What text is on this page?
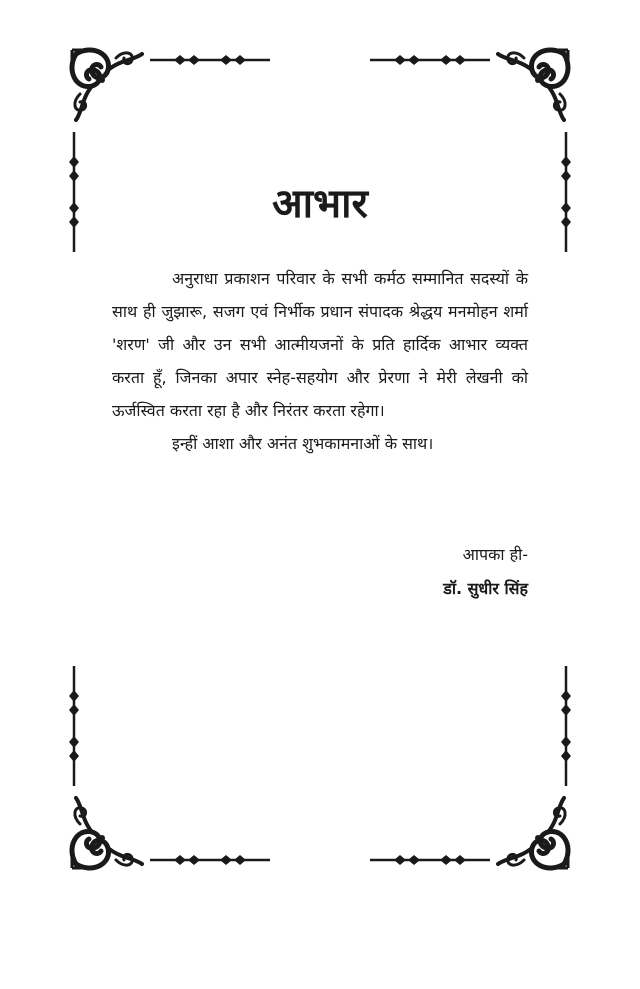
आभार

अनुराधा प्रकाशन परिवार के सभी कर्मठ सम्मानित सदस्यों के साथ ही जुझारू, सजग एवं निर्भीक प्रधान संपादक श्रेद्धय मनमोहन शर्मा 'शरण' जी और उन सभी आत्मीयजनों के प्रति हार्दिक आभार व्यक्त करता हूँ, जिनका अपार स्नेह-सहयोग और प्रेरणा ने मेरी लेखनी को ऊर्जस्वित करता रहा है और निरंतर करता रहेगा।

इन्हीं आशा और अनंत शुभकामनाओं के साथ।

आपका ही-
डॉ. सुधीर सिंह
